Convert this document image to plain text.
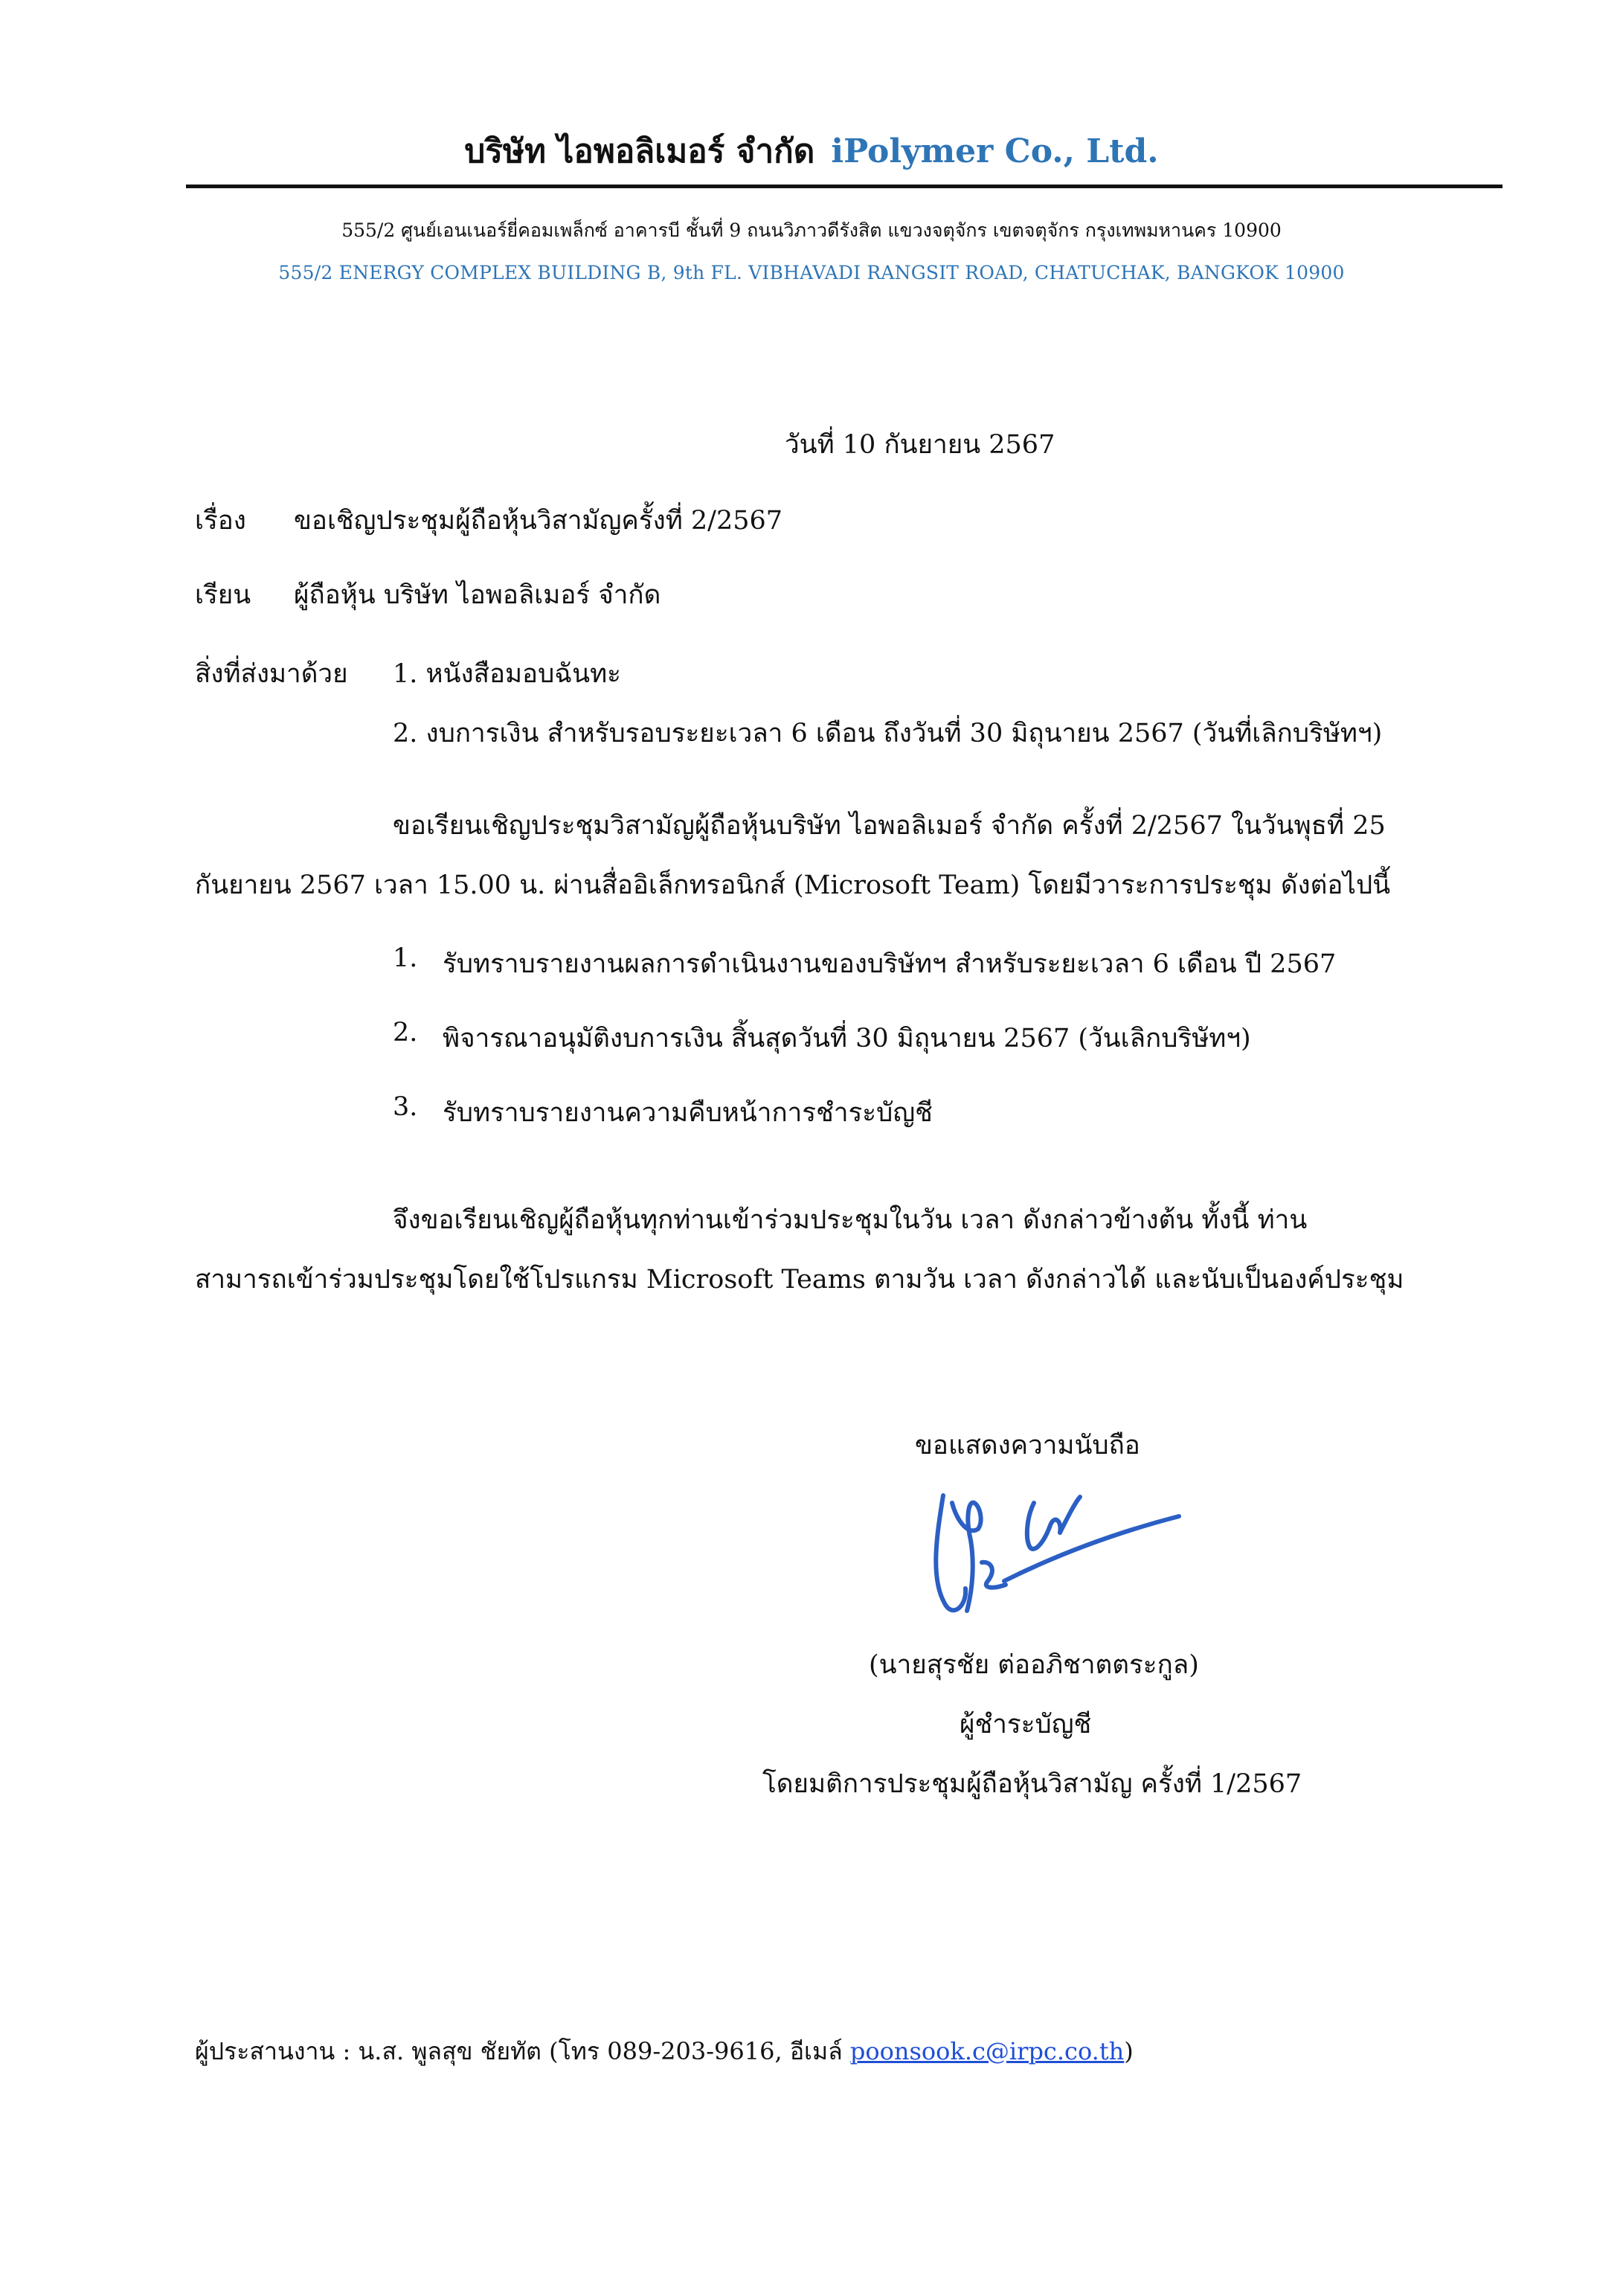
บริษัท ไอพอลิเมอร์ จำกัด iPolymer Co., Ltd.
555/2 ศูนย์เอนเนอร์ยี่คอมเพล็กซ์ อาคารบี ชั้นที่ 9 ถนนวิภาวดีรังสิต แขวงจตุจักร เขตจตุจักร กรุงเทพมหานคร 10900
555/2 ENERGY COMPLEX BUILDING B, 9th FL. VIBHAVADI RANGSIT ROAD, CHATUCHAK, BANGKOK 10900
วันที่ 10 กันยายน 2567
เรื่อง ขอเชิญประชุมผู้ถือหุ้นวิสามัญครั้งที่ 2/2567
เรียน ผู้ถือหุ้น บริษัท ไอพอลิเมอร์ จำกัด
สิ่งที่ส่งมาด้วย 1. หนังสือมอบฉันทะ
2. งบการเงิน สำหรับรอบระยะเวลา 6 เดือน ถึงวันที่ 30 มิถุนายน 2567 (วันที่เลิกบริษัทฯ)
ขอเรียนเชิญประชุมวิสามัญผู้ถือหุ้นบริษัท ไอพอลิเมอร์ จำกัด ครั้งที่ 2/2567 ในวันพุธที่ 25
กันยายน 2567 เวลา 15.00 น. ผ่านสื่ออิเล็กทรอนิกส์ (Microsoft Team) โดยมีวาระการประชุม ดังต่อไปนี้
1. รับทราบรายงานผลการดำเนินงานของบริษัทฯ สำหรับระยะเวลา 6 เดือน ปี 2567
2. พิจารณาอนุมัติงบการเงิน สิ้นสุดวันที่ 30 มิถุนายน 2567 (วันเลิกบริษัทฯ)
3. รับทราบรายงานความคืบหน้าการชำระบัญชี
จึงขอเรียนเชิญผู้ถือหุ้นทุกท่านเข้าร่วมประชุมในวัน เวลา ดังกล่าวข้างต้น ทั้งนี้ ท่าน
สามารถเข้าร่วมประชุมโดยใช้โปรแกรม Microsoft Teams ตามวัน เวลา ดังกล่าวได้ และนับเป็นองค์ประชุม
ขอแสดงความนับถือ
(นายสุรชัย ต่ออภิชาตตระกูล)
ผู้ชำระบัญชี
โดยมติการประชุมผู้ถือหุ้นวิสามัญ ครั้งที่ 1/2567
ผู้ประสานงาน : น.ส. พูลสุข ชัยทัต (โทร 089-203-9616, อีเมล์ poonsook.c@irpc.co.th)
